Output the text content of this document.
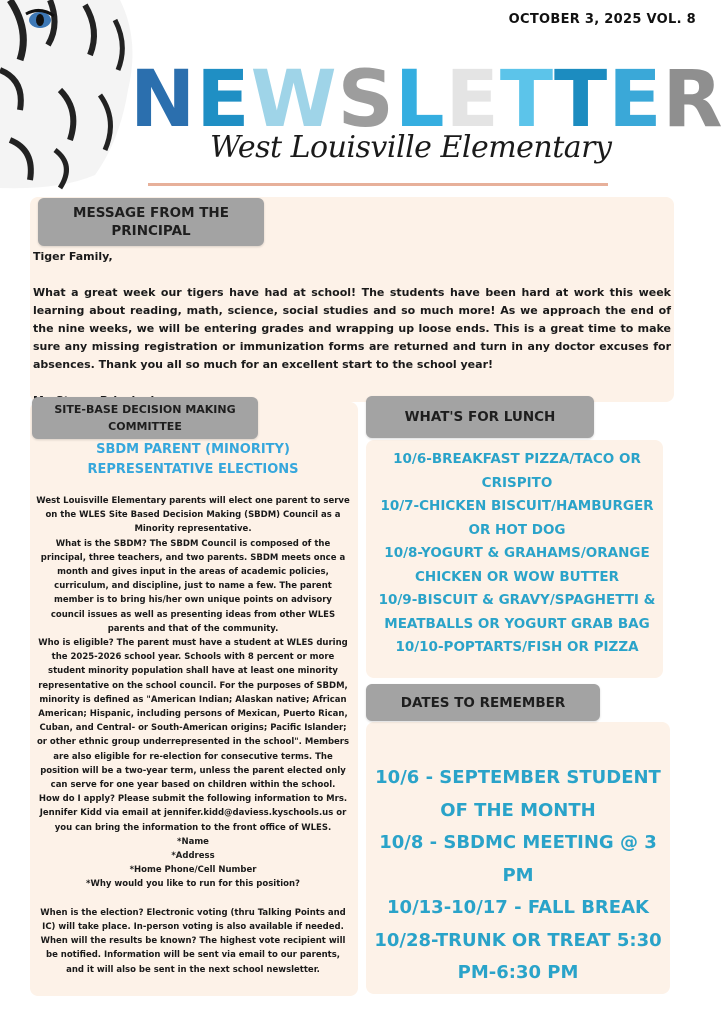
OCTOBER 3, 2025 VOL. 8
NEWSLETTER
West Louisville Elementary
MESSAGE FROM THE PRINCIPAL

Tiger Family,

What a great week our tigers have had at school! The students have been hard at work this week learning about reading, math, science, social studies and so much more! As we approach the end of the nine weeks, we will be entering grades and wrapping up loose ends. This is a great time to make sure any missing registration or immunization forms are returned and turn in any doctor excuses for absences. Thank you all so much for an excellent start to the school year!

SITE-BASE DECISION MAKING
COMMITTEE
SBDM PARENT (MINORITY) REPRESENTATIVE ELECTIONS

West Louisville Elementary parents will elect one parent to serve on the WLES Site Based Decision Making (SBDM) Council as a Minority representative.

What is the SBDM? The SBDM Council is composed of the principal, three teachers, and two parents. SBDM meets once a month and gives input in the areas of academic policies, curriculum, and discipline, just to name a few. The parent member is to bring his/her own unique points on advisory council issues as well as presenting ideas from other WLES parents and that of the community.

Who is eligible? The parent must have a student at WLES during the 2025-2026 school year. Schools with 8 percent or more student minority population shall have at least one minority representative on the school council. For the purposes of SBDM, minority is defined as "American Indian; Alaskan native; African American; Hispanic, including persons of Mexican, Puerto Rican, Cuban, and Central- or South-American origins; Pacific Islander; or other ethnic group underrepresented in the school". Members are also eligible for re-election for consecutive terms. The position will be a two-year term, unless the parent elected only can serve for one year based on children within the school.

How do I apply? Please submit the following information to Mrs. Jennifer Kidd via email at jennifer.kidd@daviess.kyschools.us or you can bring the information to the front office of WLES.

*Name

*Address

*Home Phone/Cell Number

*Why would you like to run for this position?

When is the election? Electronic voting (thru Talking Points and IC) will take place. In-person voting is also available if needed. When will the results be known? The highest vote recipient will be notified. Information will be sent via email to our parents, and it will also be sent in the next school newsletter.

WHAT'S FOR LUNCH
10/6-BREAKFAST PIZZA/TACO OR CRISPITO
10/7-CHICKEN BISCUIT/HAMBURGER OR HOT DOG
10/8-YOGURT & GRAHAMS/ORANGE CHICKEN OR WOW BUTTER
10/9-BISCUIT & GRAVY/SPAGHETTI & MEATBALLS OR YOGURT GRAB BAG
10/10-POPTARTS/FISH OR PIZZA
DATES TO REMEMBER
10/6 - SEPTEMBER STUDENT OF THE MONTH
10/8 - SBDMC MEETING @ 3 PM
10/13-10/17 - FALL BREAK
10/28-TRUNK OR TREAT 5:30 PM-6:30 PM
